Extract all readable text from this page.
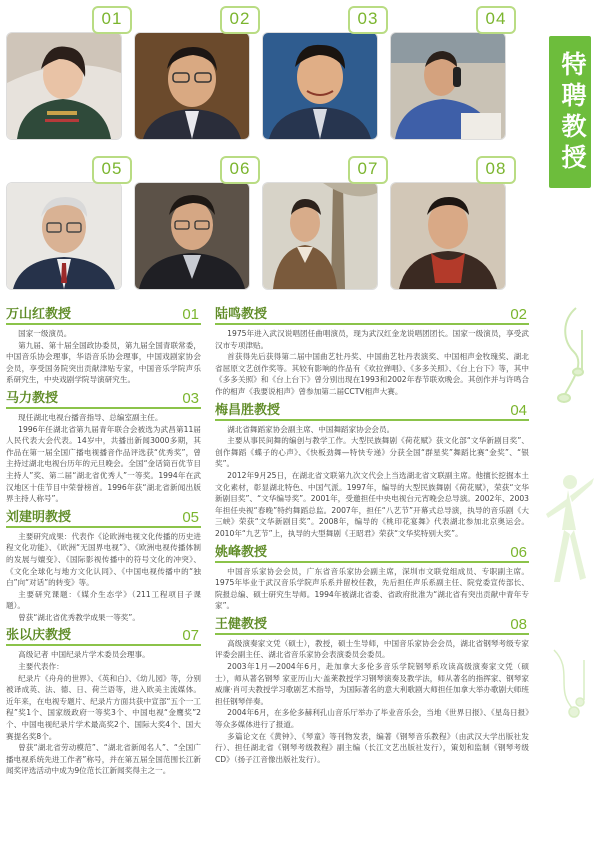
01	02	03	04
05	06	07	08	特聘教授
万山红教授	01

国家一级演员。

第九届、第十届全国政协委员，第九届全国青联常委，中国音乐协会理事，华语音乐协会理事，中国戏剧家协会会员，享受国务院突出贡献津贴专家，中国音乐学院声乐系研究生，中央戏剧学院导演研究生。

马力教授	03

现任湖北电视台播音指导、总编室副主任。

1996年任湖北省第九届青年联合会被选为武昌第11届人民代表大会代表。14岁中，共播出新闻3000多期，其作品在第一届全国广播电视播音作品评选获“优秀奖”，曾主持过湖北电视台历年的元旦晚会。全国“金话筒百优节目主持人”奖、第二届“湖北省优秀人”一等奖。1994年在武汉地区十佳节目中荣誉榜首。1996年获“湖北省新闻出版界主持人称号”。

刘建明教授	05

主要研究成果：代表作《论欧洲电视文化传播的历史进程文化功能》、《欧洲“无国界电视”》、《欧洲电视传播体制的发展与嬗变》、《国际影视传播中的符号文化的冲突》、《文化全球化与地方文化认同》、《中国电视传播中的“独白”向“对话”的转变》等。

主要研究课题：《媒介生态学》（211工程项目子课题）。

曾获“湖北省优秀教学成果一等奖”。

张以庆教授	07

高级记者 中国纪录片学术委员会理事。

主要代表作：

纪录片《舟舟的世界》、《英和白》、《幼儿园》等，分别被译成英、法、德、日、荷兰语等，进入欧美主流媒体。近年来，在电视专题片、纪录片方面共获中宣部“五个一工程”奖1个、国家级政府一等奖3个、中国电视“金鹰奖”2个、中国电视纪录片学术最高奖2个、国际大奖4个、国大赛提名奖8个。

曾获“湖北省劳动模范”、“湖北省新闻名人”、“全国广播电视系统先进工作者”称号，并在第五届全国范围长江新闻奖评选活动中成为9位范长江新闻奖得主之一。

陆鸣教授	02

1975年进入武汉说唱团任曲唱演员，现为武汉红金龙说唱团团长。国家一级演员，享受武汉市专项津贴。

首获得先后获得第二届中国曲艺牡丹奖、中国曲艺牡丹表演奖、中国相声金牧瑰奖、湖北省屈原文艺创作奖等。其较有影响的作品有《欢拉弹唱》、《多多关照》、《台上台下》等，其中《多多关照》和《台上台下》曾分别出现在1993和2002年春节联欢晚会。其创作并与许鸣合作的相声《我要说相声》曾参加第二届CCTV相声大赛。

梅昌胜教授	04

湖北省舞蹈家协会副主席、中国舞蹈家协会会员。

主要从事民间舞的编创与教学工作。大型民族舞剧《荷花赋》获文化部“文华新剧目奖”、创作舞蹈《蝶子的心声》、《快板劲舞—特快专递》分获全国“群星奖”舞蹈比赛“金奖”、“银奖”。

2012年9月25日，在湖北省文联第九次文代会上当选湖北省文联副主席。他擅长挖掘本土文化素材，彰显湖北特色、中国气派。1997年，编导的大型民族舞剧《荷花赋》，荣获“文华新剧目奖”、“文华编导奖”。2001年，受邀担任中央电视台元宵晚会总导演。2002年、2003年担任央视“春晚”特约舞蹈总监。2007年，担任“八艺节”开幕式总导演，执导的音乐剧《大三峡》荣获“文华新剧目奖”。2008年，编导的《桃印花宴舞》代表湖北参加北京奥运会。2010年“九艺节”上，执导的大型舞剧《王昭君》荣获“文华奖特别大奖”。

姚峰教授	06

中国音乐家协会会员，广东省音乐家协会副主席，深圳市文联党组成员、专职副主席。1975年毕业于武汉音乐学院声乐系并留校任教，先后担任声乐系副主任、院党委宣传部长、院报总编、硕士研究生导师。1994年被湖北省委、省政府批准为“湖北省有突出贡献中青年专家”。

王健教授	08

高级演奏家文凭（硕士），教授，硕士生导师，中国音乐家协会会员，湖北省钢琴考级专家评委会副主任、湖北省音乐家协会表演委员会委员。

2003年1月—2004年6月，赴加拿大多伦多音乐学院钢琴系攻读高级演奏家文凭（硕士），师从著名钢琴 家亚历山大·盖莱教授学习钢琴演奏及教学法，师从著名的指挥家、钢琴家威廉·肖可夫教授学习歌剧艺术指导，为国际著名的意大利歌剧大师担任加拿大举办歌剧大师班担任钢琴伴奏。

2004年6月，在多伦多赫利孔山音乐厅举办了毕业音乐会，当地《世界日报》、《星岛日报》等众多媒体进行了报道。

多篇论文在《黄钟》、《琴童》等刊物发表，编著《钢琴音乐教程》（由武汉大学出版社发行）、担任湖北省《钢琴考级教程》副主编（长江文艺出版社发行），策划和监制《钢琴考级CD》（扬子江音像出版社发行）。
